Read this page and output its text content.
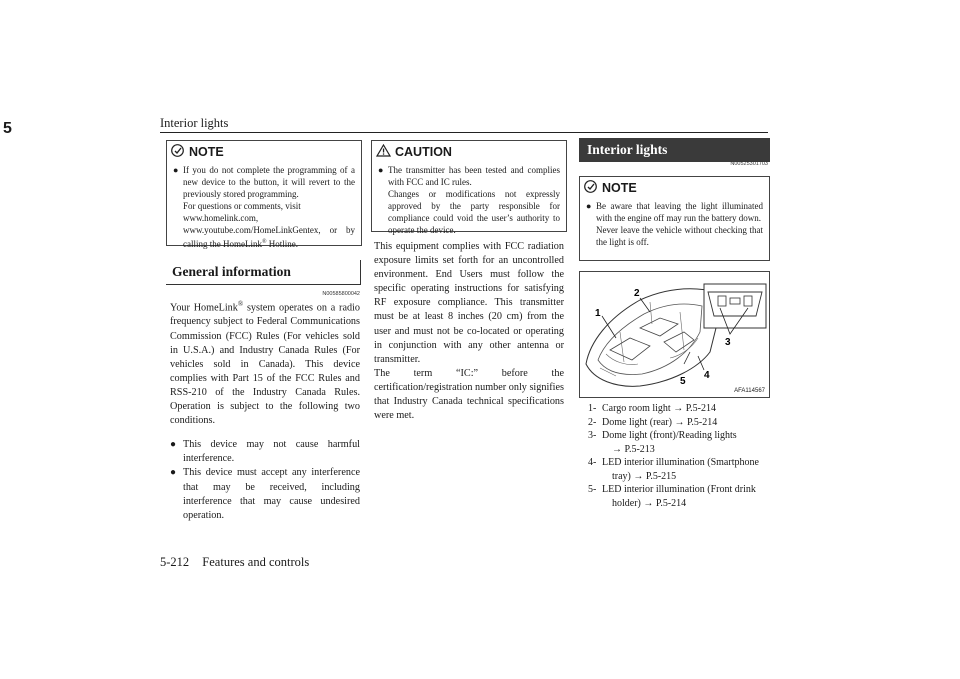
Interior lights
5
NOTE
● If you do not complete the programming of a new device to the button, it will revert to the previously stored programming.
For questions or comments, visit
www.homelink.com,
www.youtube.com/HomeLinkGentex, or by calling the HomeLink® Hotline.
General information
N00585800042

Your HomeLink® system operates on a radio frequency subject to Federal Communications Commission (FCC) Rules (For vehicles sold in U.S.A.) and Industry Canada Rules (For vehicles sold in Canada). This device complies with Part 15 of the FCC Rules and RSS-210 of the Industry Canada Rules. Operation is subject to the following two conditions.

● This device may not cause harmful interference.
● This device must accept any interference that may be received, including interference that may cause undesired operation.
CAUTION
● The transmitter has been tested and complies with FCC and IC rules.
Changes or modifications not expressly approved by the party responsible for compliance could void the user’s authority to operate the device.

This equipment complies with FCC radiation exposure limits set forth for an uncontrolled environment. End Users must follow the specific operating instructions for satisfying RF exposure compliance. This transmitter must be at least 8 inches (20 cm) from the user and must not be co-located or operating in conjunction with any other antenna or transmitter.

The term “IC:” before the certification/registration number only signifies that Industry Canada technical specifications were met.

Interior lights
N00525301703
NOTE
● Be aware that leaving the light illuminated with the engine off may run the battery down.
Never leave the vehicle without checking that the light is off.
1
2
3
4
5
AFA114567
1- Cargo room light → P.5-214
2- Dome light (rear) → P.5-214
3- Dome light (front)/Reading lights
→ P.5-213
4- LED interior illumination (Smartphone
tray) → P.5-215
5- LED interior illumination (Front drink
holder) → P.5-214
5-212 Features and controls
